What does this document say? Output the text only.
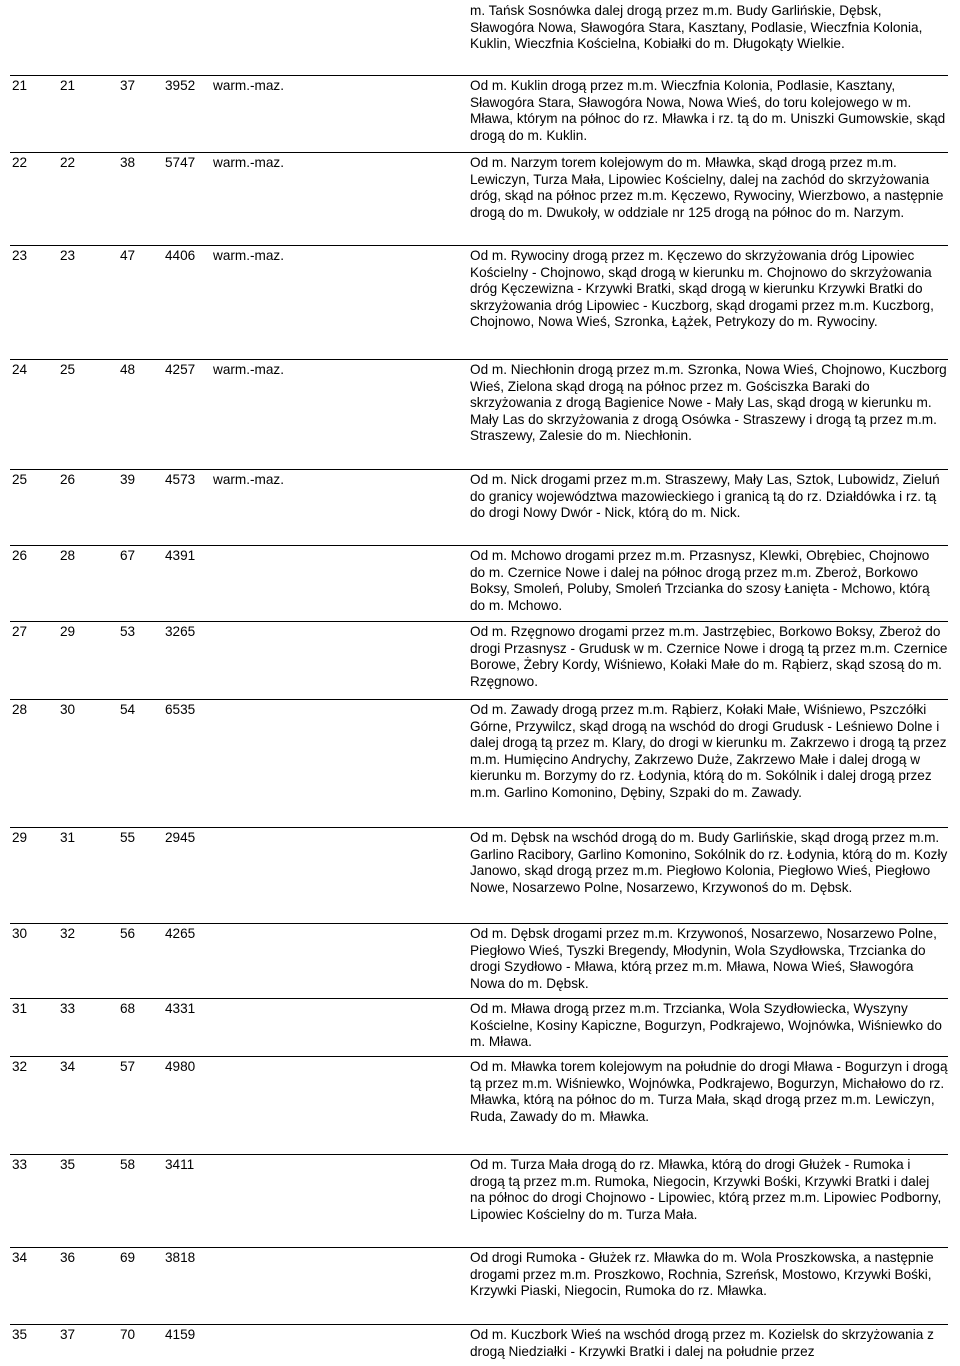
m. Tańsk Sosnówka dalej drogą przez m.m. Budy Garlińskie, Dębsk, Sławogóra Nowa, Sławogóra Stara, Kasztany, Podlasie, Wieczfnia Kolonia, Kuklin, Wieczfnia Kościelna, Kobiałki do m. Długokąty Wielkie.
21 21	37 3952 warm.-maz.	Od m. Kuklin drogą przez m.m. Wieczfnia Kolonia, Podlasie, Kasztany, Sławogóra Stara, Sławogóra Nowa, Nowa Wieś, do toru kolejowego w m. Mława, którym na północ do rz. Mławka i rz. tą do m. Uniszki Gumowskie, skąd drogą do m. Kuklin.
22 22	38 5747 warm.-maz.	Od m. Narzym torem kolejowym do m. Mławka, skąd drogą przez m.m. Lewiczyn, Turza Mała, Lipowiec Kościelny, dalej na zachód do skrzyżowania dróg, skąd na północ przez m.m. Kęczewo, Rywociny, Wierzbowo, a następnie drogą do m. Dwukoły, w oddziale nr 125 drogą na północ do m. Narzym.
23 23	47 4406 warm.-maz.	Od m. Rywociny drogą przez m. Kęczewo do skrzyżowania dróg Lipowiec Kościelny - Chojnowo, skąd drogą w kierunku m. Chojnowo do skrzyżowania dróg Kęczewizna - Krzywki Bratki, skąd drogą w kierunku Krzywki Bratki do skrzyżowania dróg Lipowiec - Kuczborg, skąd drogami przez m.m. Kuczborg, Chojnowo, Nowa Wieś, Szronka, Łążek, Petrykozy do m. Rywociny.
24 25	48 4257 warm.-maz.	Od m. Niechłonin drogą przez m.m. Szronka, Nowa Wieś, Chojnowo, Kuczborg Wieś, Zielona skąd drogą na północ przez m. Gościszka Baraki do skrzyżowania z drogą Bagienice Nowe - Mały Las, skąd drogą w kierunku m. Mały Las do skrzyżowania z drogą Osówka - Straszewy i drogą tą przez m.m. Straszewy, Zalesie do m. Niechłonin.
25 26	39 4573 warm.-maz.	Od m. Nick drogami przez m.m. Straszewy, Mały Las, Sztok, Lubowidz, Zieluń do granicy województwa mazowieckiego i granicą tą do rz. Działdówka i rz. tą do drogi Nowy Dwór - Nick, którą do m. Nick.
26 28	67 4391	Od m. Mchowo drogami przez m.m. Przasnysz, Klewki, Obrębiec, Chojnowo do m. Czernice Nowe i dalej na północ drogą przez m.m. Zberoż, Borkowo Boksy, Smoleń, Poluby, Smoleń Trzcianka do szosy Łanięta - Mchowo, którą do m. Mchowo.
27 29	53 3265	Od m. Rzęgnowo drogami przez m.m. Jastrzębiec, Borkowo Boksy, Zberoż do drogi Przasnysz - Grudusk w m. Czernice Nowe i drogą tą przez m.m. Czernice Borowe, Żebry Kordy, Wiśniewo, Kołaki Małe do m. Rąbierz, skąd szosą do m. Rzęgnowo.
28 30	54 6535	Od m. Zawady drogą przez m.m. Rąbierz, Kołaki Małe, Wiśniewo, Pszczółki Górne, Przywilcz, skąd drogą na wschód do drogi Grudusk - Leśniewo Dolne i dalej drogą tą przez m. Klary, do drogi w kierunku m. Zakrzewo i drogą tą przez m.m. Humięcino Andrychy, Zakrzewo Duże, Zakrzewo Małe i dalej drogą w kierunku m. Borzymy do rz. Łodynia, którą do m. Sokólnik i dalej drogą przez m.m. Garlino Komonino, Dębiny, Szpaki do m. Zawady.
29 31	55 2945	Od m. Dębsk na wschód drogą do m. Budy Garlińskie, skąd drogą przez m.m. Garlino Racibory, Garlino Komonino, Sokólnik do rz. Łodynia, którą do m. Kozły Janowo, skąd drogą przez m.m. Piegłowo Kolonia, Piegłowo Wieś, Piegłowo Nowe, Nosarzewo Polne, Nosarzewo, Krzywonoś do m. Dębsk.
30 32	56 4265	Od m. Dębsk drogami przez m.m. Krzywonoś, Nosarzewo, Nosarzewo Polne, Piegłowo Wieś, Tyszki Bregendy, Młodynin, Wola Szydłowska, Trzcianka do drogi Szydłowo - Mława, którą przez m.m. Mława, Nowa Wieś, Sławogóra Nowa do m. Dębsk.
31 33	68 4331	Od m. Mława drogą przez m.m. Trzcianka, Wola Szydłowiecka, Wyszyny Kościelne, Kosiny Kapiczne, Bogurzyn, Podkrajewo, Wojnówka, Wiśniewko do m. Mława.
32 34	57 4980	Od m. Mławka torem kolejowym na południe do drogi Mława - Bogurzyn i drogą tą przez m.m. Wiśniewko, Wojnówka, Podkrajewo, Bogurzyn, Michałowo do rz. Mławka, którą na północ do m. Turza Mała, skąd drogą przez m.m. Lewiczyn, Ruda, Zawady do m. Mławka.
33 35	58 3411	Od m. Turza Mała drogą do rz. Mławka, którą do drogi Głużek - Rumoka i drogą tą przez m.m. Rumoka, Niegocin, Krzywki Bośki, Krzywki Bratki i dalej na północ do drogi Chojnowo - Lipowiec, którą przez m.m. Lipowiec Podborny, Lipowiec Kościelny do m. Turza Mała.
34 36	69 3818	Od drogi Rumoka - Głużek rz. Mławka do m. Wola Proszkowska, a następnie drogami przez m.m. Proszkowo, Rochnia, Szreńsk, Mostowo, Krzywki Bośki, Krzywki Piaski, Niegocin, Rumoka do rz. Mławka.
35 37	70 4159	Od m. Kuczbork Wieś na wschód drogą przez m. Kozielsk do skrzyżowania z drogą Niedziałki - Krzywki Bratki i dalej na południe przez
